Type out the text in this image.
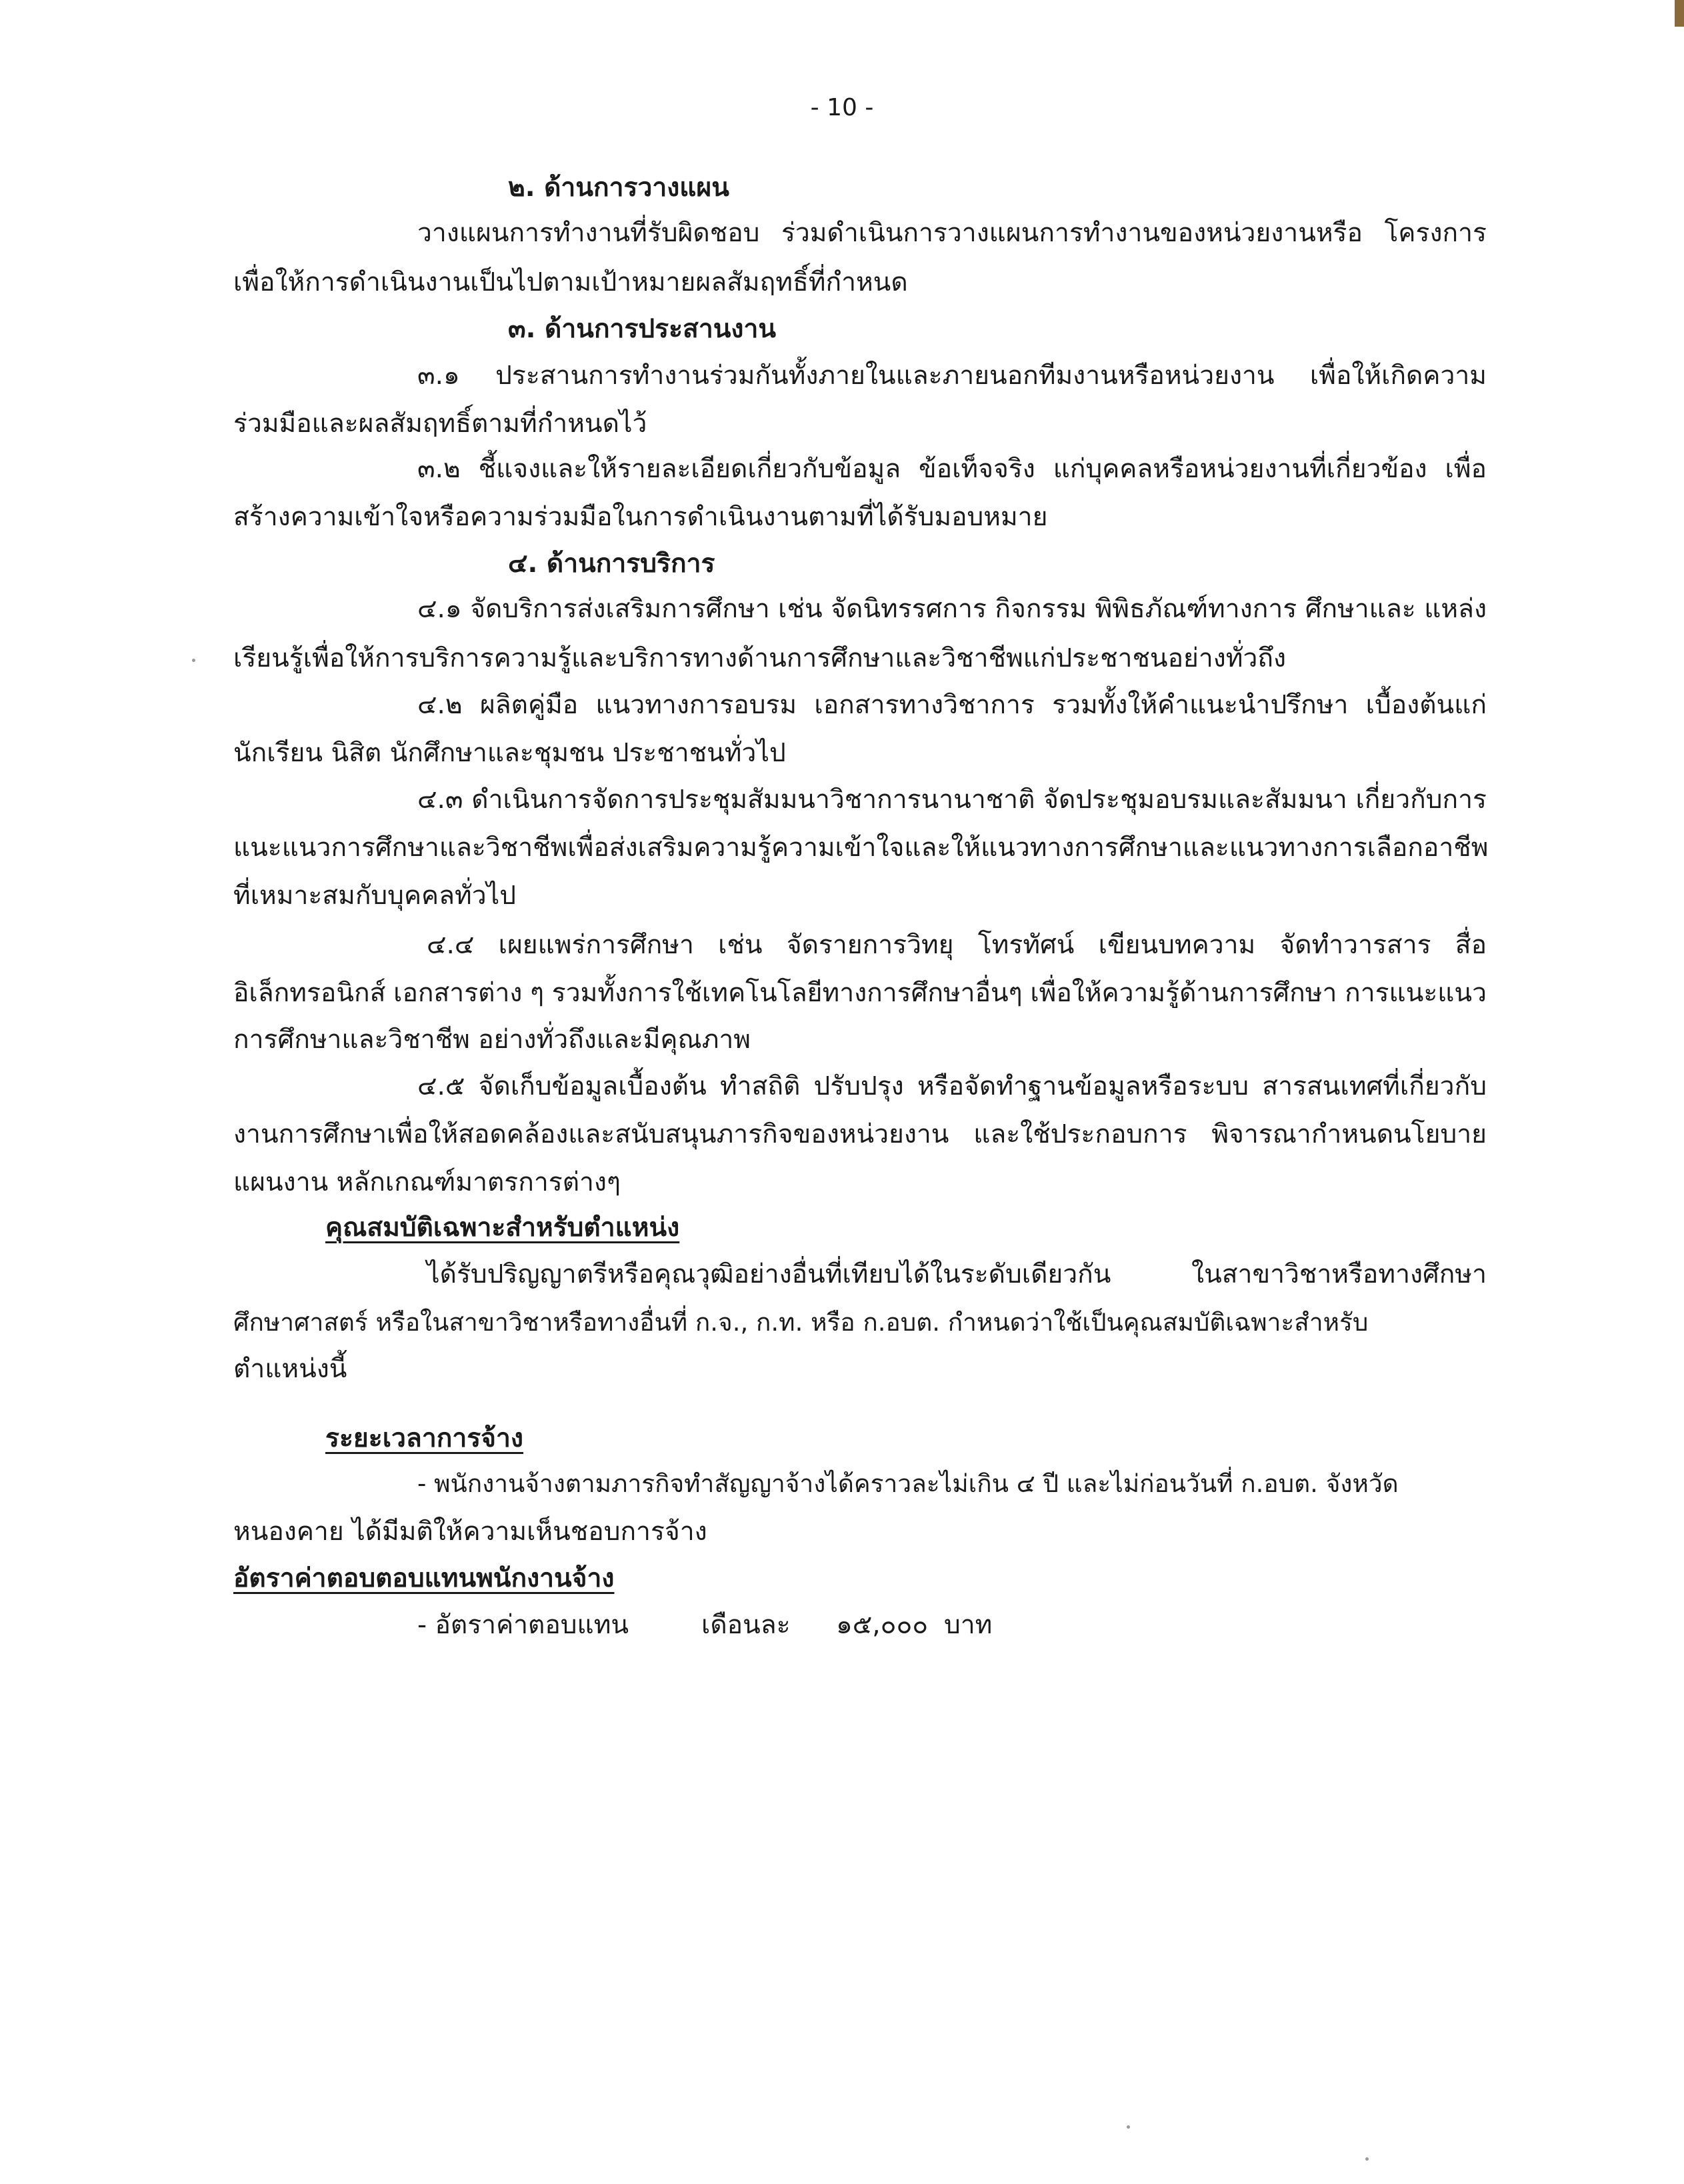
- 10 -
๒. ด้านการวางแผน
วางแผนการทำงานที่รับผิดชอบ ร่วมดำเนินการวางแผนการทำงานของหน่วยงานหรือ โครงการ
เพื่อให้การดำเนินงานเป็นไปตามเป้าหมายผลสัมฤทธิ์ที่กำหนด
๓. ด้านการประสานงาน
๓.๑ ประสานการทำงานร่วมกันทั้งภายในและภายนอกทีมงานหรือหน่วยงาน เพื่อให้เกิดความ
ร่วมมือและผลสัมฤทธิ์ตามที่กำหนดไว้
๓.๒ ชี้แจงและให้รายละเอียดเกี่ยวกับข้อมูล ข้อเท็จจริง แก่บุคคลหรือหน่วยงานที่เกี่ยวข้อง เพื่อ
สร้างความเข้าใจหรือความร่วมมือในการดำเนินงานตามที่ได้รับมอบหมาย
๔. ด้านการบริการ
๔.๑ จัดบริการส่งเสริมการศึกษา เช่น จัดนิทรรศการ กิจกรรม พิพิธภัณฑ์ทางการ ศึกษาและ แหล่ง
เรียนรู้ เพื่อให้การบริการความรู้และบริการทางด้านการศึกษาและวิชาชีพแก่ประชาชนอย่างทั่วถึง
๔.๒ ผลิตคู่มือ แนวทางการอบรม เอกสารทางวิชาการ รวมทั้งให้คำแนะนำปรึกษา เบื้องต้นแก่
นักเรียน นิสิต นักศึกษาและชุมชน ประชาชนทั่วไป
๔.๓ ดำเนินการจัดการประชุมสัมมนาวิชาการนานาชาติ จัดประชุมอบรมและสัมมนา เกี่ยวกับการ
แนะแนวการศึกษาและวิชาชีพ เพื่อส่งเสริมความรู้ความเข้าใจและให้แนวทางการศึกษาและแนว ทางการเลือกอาชีพ
ที่เหมาะสมกับบุคคลทั่วไป
๔.๔ เผยแพร่การศึกษา เช่น จัดรายการวิทยุ โทรทัศน์ เขียนบทความ จัดทำวารสาร สื่อ
อิเล็กทรอนิกส์ เอกสารต่าง ๆ รวมทั้งการใช้เทคโนโลยีทางการศึกษาอื่นๆ เพื่อให้ความรู้ด้านการศึกษา การแนะแนว
การศึกษาและวิชาชีพ อย่างทั่วถึงและมีคุณภาพ
๔.๕ จัดเก็บข้อมูลเบื้องต้น ทำสถิติ ปรับปรุง หรือจัดทำฐานข้อมูลหรือระบบ สารสนเทศที่เกี่ยวกับ
งานการศึกษาเพื่อให้สอดคล้องและสนับสนุนภารกิจของหน่วยงาน และใช้ประกอบการ พิจารณากำหนดนโยบาย
แผนงาน หลักเกณฑ์มาตรการต่างๆ
คุณสมบัติเฉพาะสำหรับตำแหน่ง
ได้รับปริญญาตรีหรือคุณวุฒิอย่างอื่นที่เทียบได้ในระดับเดียวกัน	ในสาขาวิชาหรือทางศึกษา
ศึกษาศาสตร์ หรือในสาขาวิชาหรือทางอื่นที่ ก.จ., ก.ท. หรือ ก.อบต. กำหนดว่าใช้เป็นคุณสมบัติเฉพาะสำหรับ
ตำแหน่งนี้
ระยะเวลาการจ้าง
- พนักงานจ้างตามภารกิจทำสัญญาจ้างได้คราวละไม่เกิน ๔ ปี และไม่ก่อนวันที่ ก.อบต. จังหวัด
หนองคาย ได้มีมติให้ความเห็นชอบการจ้าง
อัตราค่าตอบตอบแทนพนักงานจ้าง
- อัตราค่าตอบแทน	เดือนละ ๑๕,๐๐๐ บาท
